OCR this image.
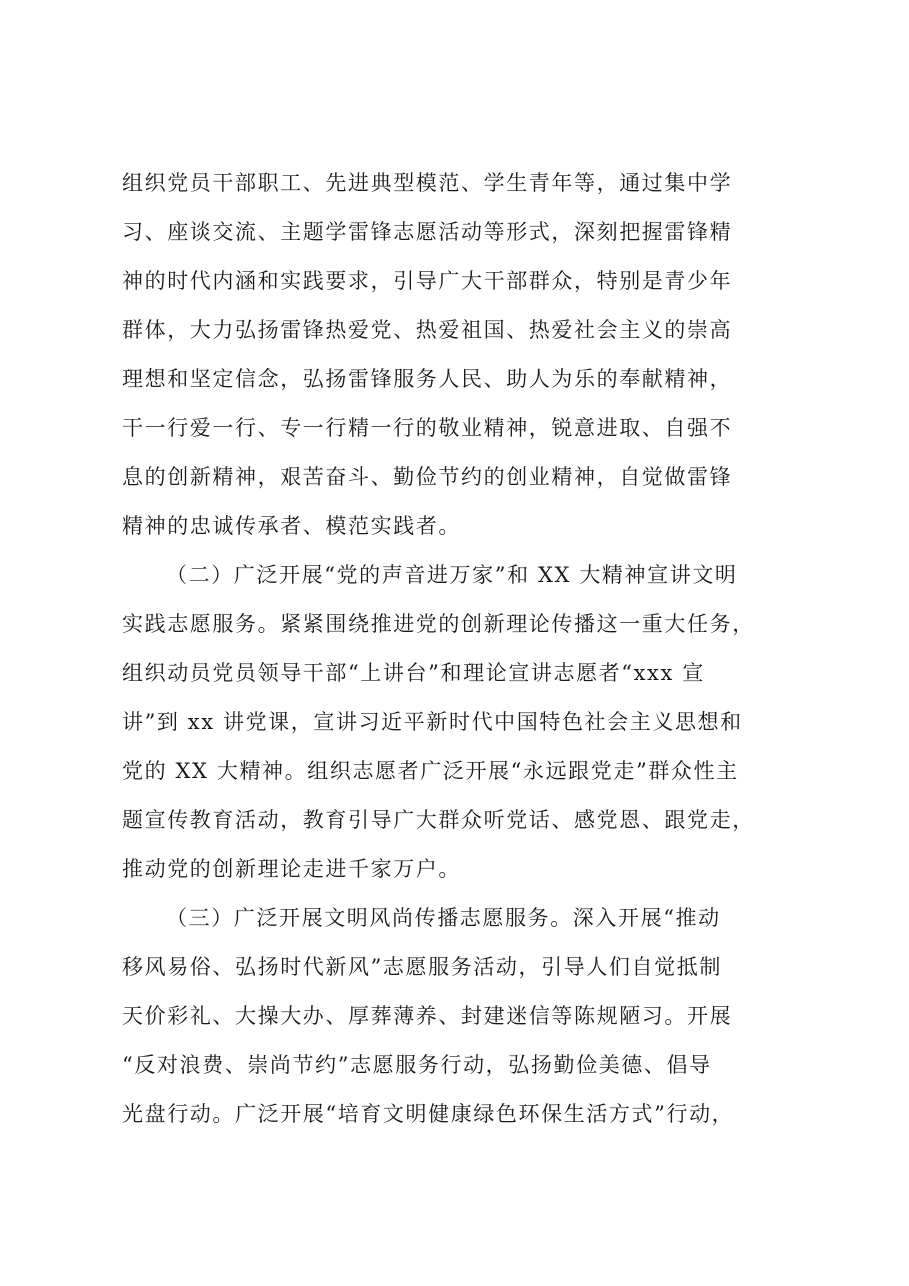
组织党员干部职工、先进典型模范、学生青年等，通过集中学
习、座谈交流、主题学雷锋志愿活动等形式，深刻把握雷锋精
神的时代内涵和实践要求，引导广大干部群众，特别是青少年
群体，大力弘扬雷锋热爱党、热爱祖国、热爱社会主义的崇高
理想和坚定信念，弘扬雷锋服务人民、助人为乐的奉献精神，
干一行爱一行、专一行精一行的敬业精神，锐意进取、自强不
息的创新精神，艰苦奋斗、勤俭节约的创业精神，自觉做雷锋
精神的忠诚传承者、模范实践者。
（二）广泛开展“党的声音进万家”和 XX 大精神宣讲文明
实践志愿服务。紧紧围绕推进党的创新理论传播这一重大任务，
组织动员党员领导干部“上讲台”和理论宣讲志愿者“xxx 宣
讲”到 xx 讲党课，宣讲习近平新时代中国特色社会主义思想和
党的 XX 大精神。组织志愿者广泛开展“永远跟党走”群众性主
题宣传教育活动，教育引导广大群众听党话、感党恩、跟党走，
推动党的创新理论走进千家万户。
（三）广泛开展文明风尚传播志愿服务。深入开展“推动
移风易俗、弘扬时代新风”志愿服务活动，引导人们自觉抵制
天价彩礼、大操大办、厚葬薄养、封建迷信等陈规陋习。开展
“反对浪费、崇尚节约”志愿服务行动，弘扬勤俭美德、倡导
光盘行动。广泛开展“培育文明健康绿色环保生活方式”行动，
